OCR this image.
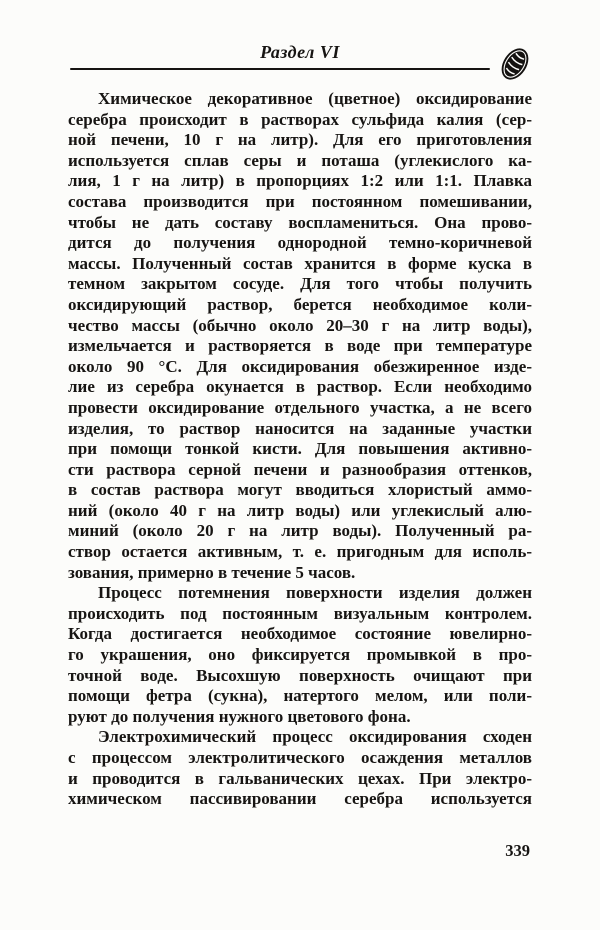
Раздел VI
Химическое декоративное (цветное) оксидирование
серебра происходит в растворах сульфида калия (сер-
ной печени, 10 г на литр). Для его приготовления
используется сплав серы и поташа (углекислого ка-
лия, 1 г на литр) в пропорциях 1:2 или 1:1. Плавка
состава производится при постоянном помешивании,
чтобы не дать составу воспламениться. Она прово-
дится до получения однородной темно-коричневой
массы. Полученный состав хранится в форме куска в
темном закрытом сосуде. Для того чтобы получить
оксидирующий раствор, берется необходимое коли-
чество массы (обычно около 20–30 г на литр воды),
измельчается и растворяется в воде при температуре
около 90 °С. Для оксидирования обезжиренное изде-
лие из серебра окунается в раствор. Если необходимо
провести оксидирование отдельного участка, а не всего
изделия, то раствор наносится на заданные участки
при помощи тонкой кисти. Для повышения активно-
сти раствора серной печени и разнообразия оттенков,
в состав раствора могут вводиться хлористый аммо-
ний (около 40 г на литр воды) или углекислый алю-
миний (около 20 г на литр воды). Полученный ра-
створ остается активным, т. е. пригодным для исполь-
зования, примерно в течение 5 часов.
Процесс потемнения поверхности изделия должен
происходить под постоянным визуальным контролем.
Когда достигается необходимое состояние ювелирно-
го украшения, оно фиксируется промывкой в про-
точной воде. Высохшую поверхность очищают при
помощи фетра (сукна), натертого мелом, или поли-
руют до получения нужного цветового фона.
Электрохимический процесс оксидирования сходен
с процессом электролитического осаждения металлов
и проводится в гальванических цехах. При электро-
химическом пассивировании серебра используется
339
